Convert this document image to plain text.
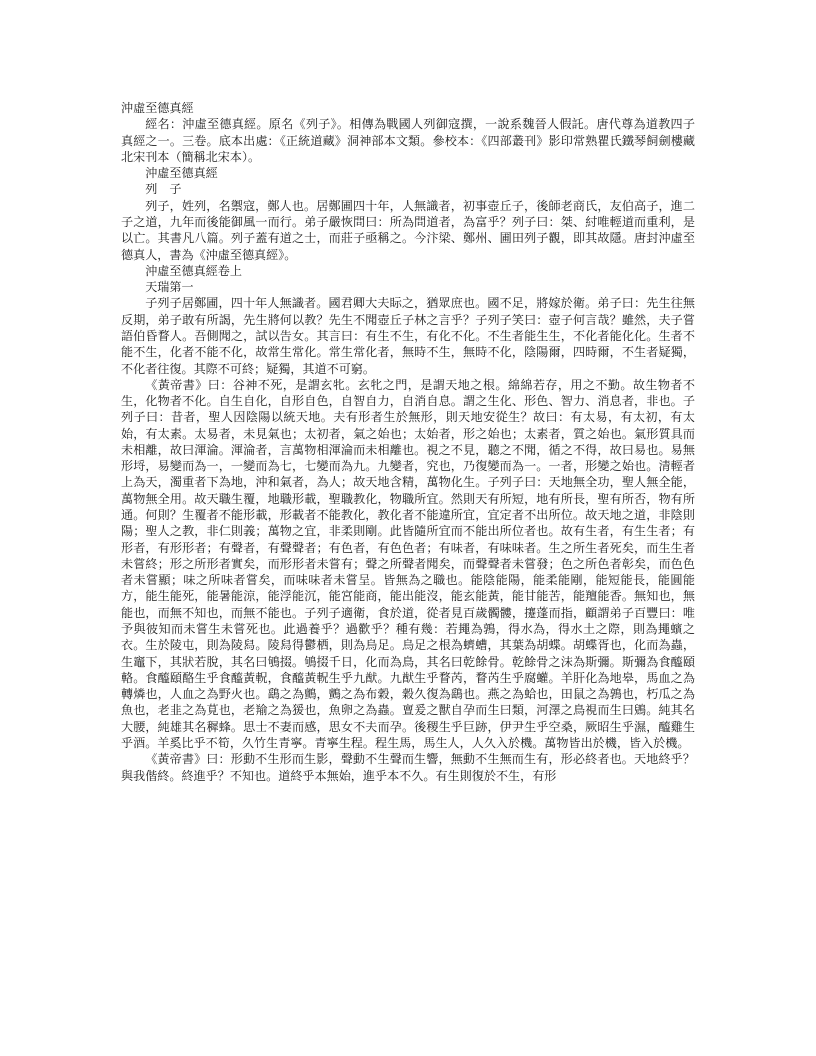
沖虛至德真經

經名：沖虛至德真經。原名《列子》。相傳為戰國人列御寇撰，一說系魏晉人假託。唐代尊為道教四子真經之一。三卷。底本出處：《正統道藏》洞神部本文類。參校本：《四部叢刊》影印常熟瞿氏鐵琴飼劍樓藏北宋刊本（簡稱北宋本）。

沖虛至德真經

列　子

列子，姓列，名禦寇，鄭人也。居鄭圃四十年，人無識者，初事壺丘子，後師老商氏，友伯高子，進二子之道，九年而後能御風一而行。弟子嚴恢問曰：所為問道者，為富乎？列子曰：桀、紂唯輕道而重利，是以亡。其書凡八篇。列子蓋有道之士，而莊子亟稱之。今汴梁、鄭州、圃田列子觀，即其故隱。唐封沖虛至德真人，書為《沖虛至德真經》。

沖虛至德真經卷上

天瑞第一

子列子居鄭圃，四十年人無識者。國君卿大夫眎之，猶眾庶也。國不足，將嫁於衛。弟子曰：先生往無反期，弟子敢有所謁，先生將何以教？先生不聞壺丘子林之言乎？子列子笑曰：壺子何言哉？雖然，夫子嘗語伯昏瞀人。吾側聞之，試以告女。其言曰：有生不生，有化不化。不生者能生生，不化者能化化。生者不能不生，化者不能不化，故常生常化。常生常化者，無時不生，無時不化，陰陽爾，四時爾，不生者疑獨，不化者往復。其際不可終；疑獨，其道不可窮。

《黃帝書》曰：谷神不死，是謂玄牝。玄牝之門，是謂天地之根。綿綿若存，用之不勤。故生物者不生，化物者不化。自生自化，自形自色，自智自力，自消自息。謂之生化、形色、智力、消息者，非也。子列子曰：昔者，聖人因陰陽以統天地。夫有形者生於無形，則天地安從生？故曰：有太易，有太初，有太始，有太素。太易者，未見氣也；太初者，氣之始也；太始者，形之始也；太素者，質之始也。氣形質具而未相離，故曰渾淪。渾淪者，言萬物相渾淪而未相離也。視之不見，聽之不聞，循之不得，故曰易也。易無形埒，易變而為一，一變而為七，七變而為九。九變者，究也，乃復變而為一。一者，形變之始也。清輕者上為天，濁重者下為地，沖和氣者，為人；故天地含精，萬物化生。子列子曰：天地無全功，聖人無全能，萬物無全用。故天職生覆，地職形載，聖職教化，物職所宜。然則天有所短，地有所長，聖有所否，物有所通。何則？生覆者不能形載，形載者不能教化，教化者不能違所宜，宜定者不出所位。故天地之道，非陰則陽；聖人之教，非仁則義；萬物之宜，非柔則剛。此皆隨所宜而不能出所位者也。故有生者，有生生者；有形者，有形形者；有聲者，有聲聲者；有色者，有色色者；有味者，有味味者。生之所生者死矣，而生生者未嘗終；形之所形者實矣，而形形者未嘗有；聲之所聲者聞矣，而聲聲者未嘗發；色之所色者彰矣，而色色者未嘗顯；味之所味者嘗矣，而味味者未嘗呈。皆無為之職也。能陰能陽，能柔能剛，能短能長，能圓能方，能生能死，能暑能涼，能浮能沉，能宮能商，能出能沒，能玄能黃，能甘能苦，能羶能香。無知也，無能也，而無不知也，而無不能也。子列子適衛，食於道，從者見百歲髑髏，攓蓬而指，顧謂弟子百豐曰：唯予與彼知而未嘗生未嘗死也。此過養乎？過歡乎？種有幾：若䵷為鶉，得水為，得水土之際，則為䵷蠙之衣。生於陵屯，則為陵舄。陵舄得鬱栖，則為烏足。烏足之根為蠐螬，其葉為胡蝶。胡蝶胥也，化而為蟲，生竈下，其狀若脫，其名曰鴝掇。鴝掇千日，化而為鳥，其名曰乾餘骨。乾餘骨之沫為斯彌。斯彌為食醯頤輅。食醯頤酪生乎食醯黃軦，食醯黃軦生乎九猷。九猷生乎瞀芮，瞀芮生乎腐蠸。羊肝化為地皋，馬血之為轉燐也，人血之為野火也。鷂之為鸇，鸇之為布穀，穀久復為鷂也。燕之為蛤也，田鼠之為鶉也，朽瓜之為魚也，老韭之為莧也，老羭之為猨也，魚卵之為蟲。亶爰之獸自孕而生曰類，河澤之鳥視而生曰鶂。純其名大腰，純雄其名穉蜂。思士不妻而感，思女不夫而孕。後稷生乎巨跡，伊尹生乎空桑，厥昭生乎濕，醯雞生乎酒。羊奚比乎不筍，久竹生青寧。青寧生程。程生馬，馬生人，人久入於機。萬物皆出於機，皆入於機。

《黃帝書》曰：形動不生形而生影，聲動不生聲而生響，無動不生無而生有，形必終者也。天地終乎？與我偕終。終進乎？不知也。道終乎本無始，進乎本不久。有生則復於不生，有形
